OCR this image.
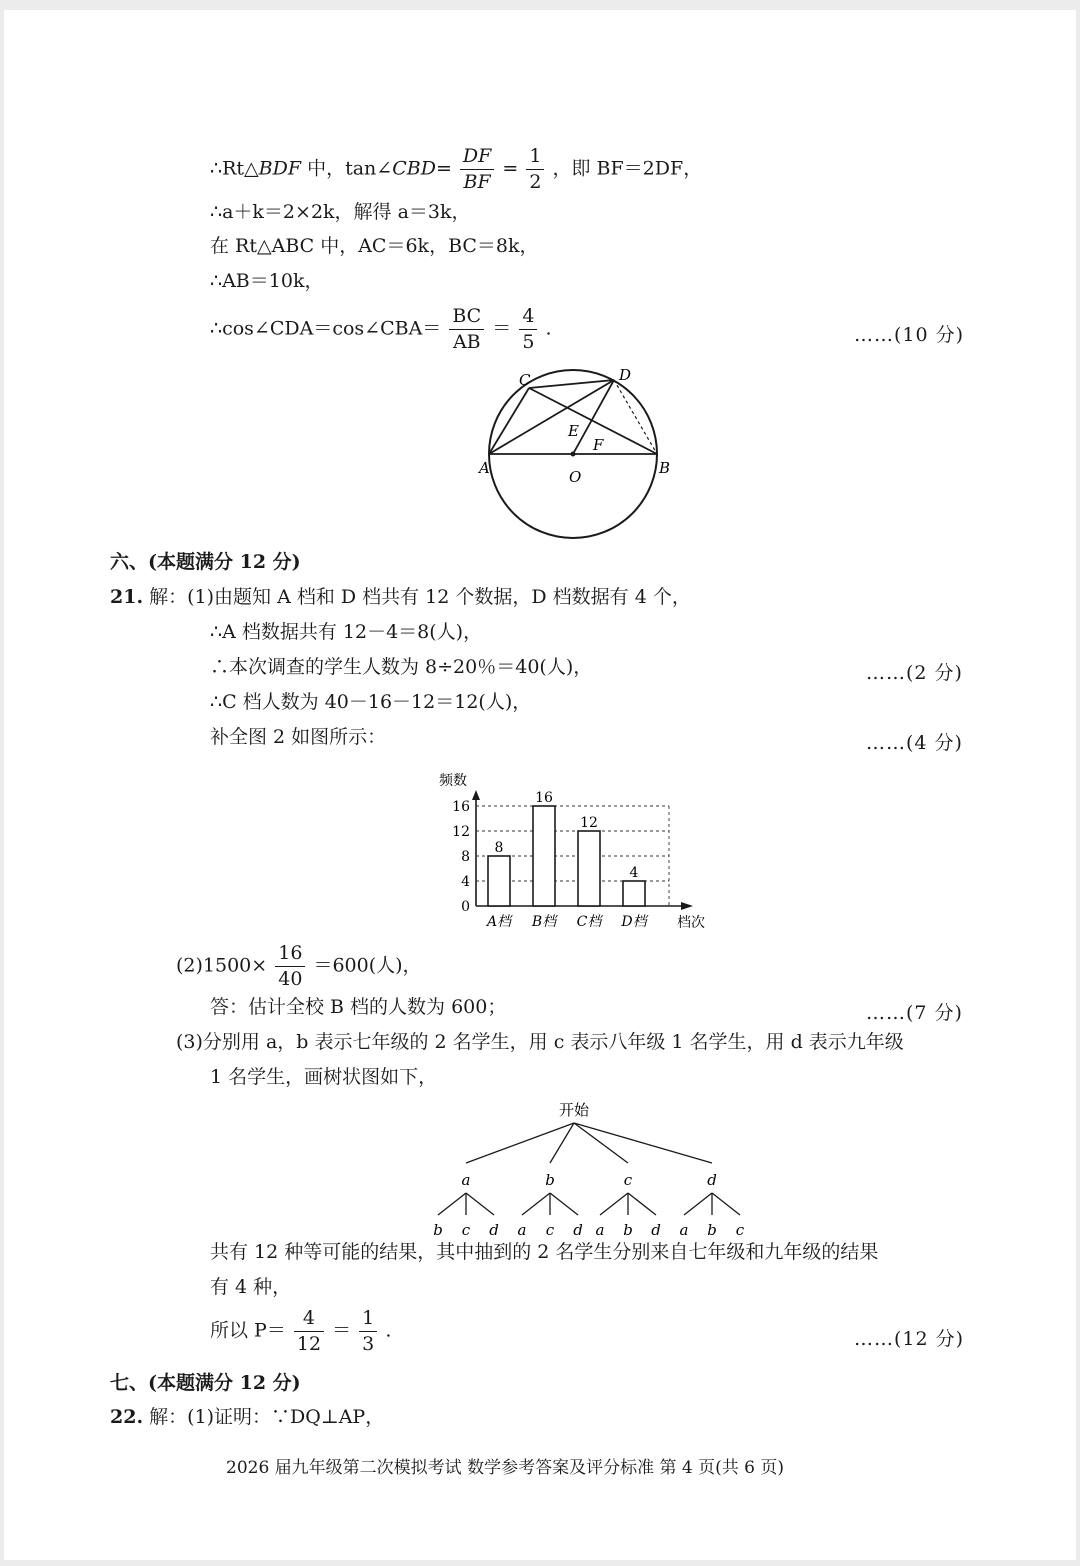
∴Rt△BDF 中，tan∠CBD= $\frac{DF}{BF} = \frac{1}{2}$ ，即 BF＝2DF，
∴a＋k＝2×2k，解得 a＝3k，
在 Rt△ABC 中，AC＝6k，BC＝8k，
∴AB＝10k，
∴cos∠CDA＝cos∠CBA＝ $\frac{BC}{AB} = \frac{4}{5}$ .	……(10 分)
C	D
E
F
A	O	B
六、(本题满分 12 分)
21. 解：(1)由题知 A 档和 D 档共有 12 个数据，D 档数据有 4 个，
∴A 档数据共有 12－4＝8(人)，
∴本次调查的学生人数为 8÷20％＝40(人)，	……(2 分)
∴C 档人数为 40－16－12＝12(人)，
补全图 2 如图所示：	……(4 分)
频数
档次
0
4
8
12
16
8
A档
16
B档
12
C档
4
D档
$(2)1500\times \frac{16}{40} =600$(人)，
答：估计全校 B 档的人数为 600；	……(7 分)
(3)分别用 a，b 表示七年级的 2 名学生，用 c 表示八年级 1 名学生，用 d 表示九年级
1 名学生，画树状图如下，
开始
a
b c d
b
a c d
c
a b d
d
a b c
共有 12 种等可能的结果，其中抽到的 2 名学生分别来自七年级和九年级的结果
有 4 种，
所以 $P= \frac{4}{12} = \frac{1}{3}$ .	……(12 分)
七、(本题满分 12 分)
22. 解：(1)证明：∵DQ⊥AP，
2026 届九年级第二次模拟考试 数学参考答案及评分标准 第 4 页(共 6 页)
